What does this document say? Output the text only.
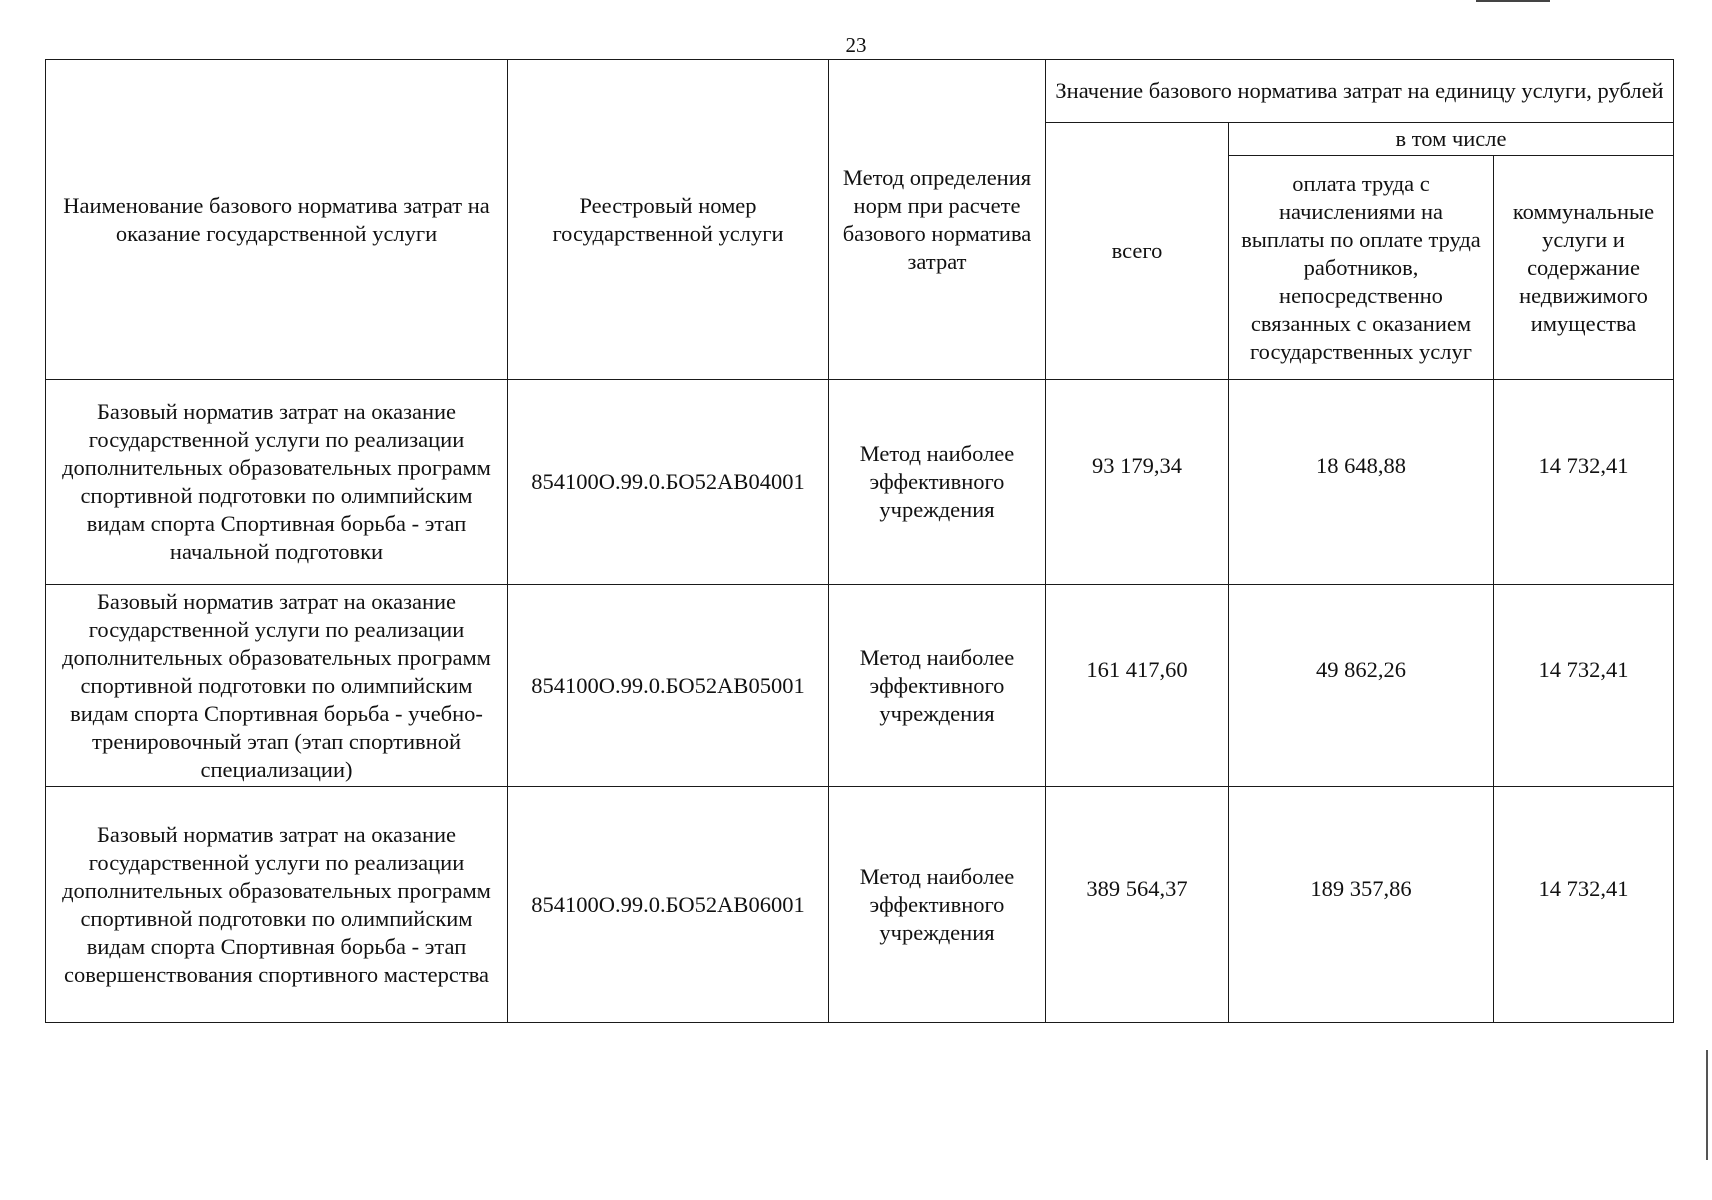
23
Наименование базового норматива затрат на оказание государственной услуги	Реестровый номер государственной услуги	Метод определения норм при расчете базового норматива затрат	Значение базового норматива затрат на единицу услуги, рублей		
			всего	в том числе	
				оплата труда с начислениями на выплаты по оплате труда работников, непосредственно связанных с оказанием государственных услуг	коммунальные услуги и содержание недвижимого имущества
Базовый норматив затрат на оказание государственной услуги по реализации дополнительных образовательных программ спортивной подготовки по олимпийским видам спорта Спортивная борьба - этап начальной подготовки	854100О.99.0.БО52АВ04001	Метод наиболее эффективного учреждения	93 179,34	18 648,88	14 732,41
Базовый норматив затрат на оказание государственной услуги по реализации дополнительных образовательных программ спортивной подготовки по олимпийским видам спорта Спортивная борьба - учебно-тренировочный этап (этап спортивной специализации)	854100О.99.0.БО52АВ05001	Метод наиболее эффективного учреждения	161 417,60	49 862,26	14 732,41
Базовый норматив затрат на оказание государственной услуги по реализации дополнительных образовательных программ спортивной подготовки по олимпийским видам спорта Спортивная борьба - этап совершенствования спортивного мастерства	854100О.99.0.БО52АВ06001	Метод наиболее эффективного учреждения	389 564,37	189 357,86	14 732,41
